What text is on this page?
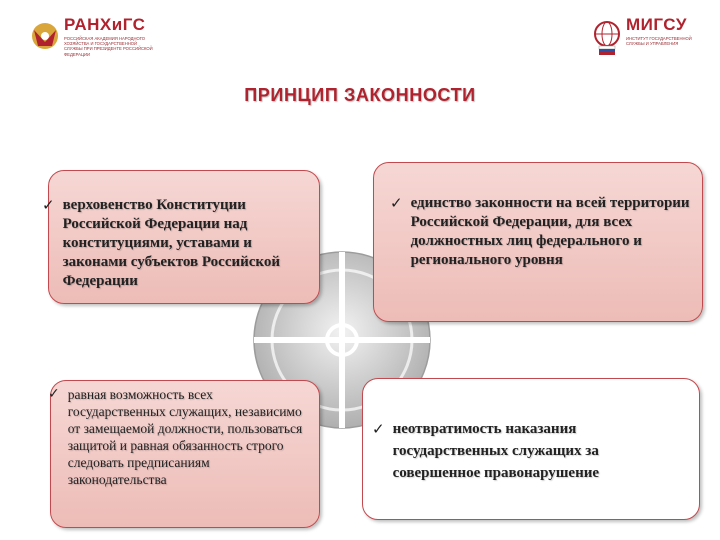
РАНХиГС
РОССИЙСКАЯ АКАДЕМИЯ НАРОДНОГО ХОЗЯЙСТВА И ГОСУДАРСТВЕННОЙ СЛУЖБЫ ПРИ ПРЕЗИДЕНТЕ РОССИЙСКОЙ ФЕДЕРАЦИИ
МИГСУ
ИНСТИТУТ ГОСУДАРСТВЕННОЙ СЛУЖБЫ И УПРАВЛЕНИЯ
ПРИНЦИП ЗАКОННОСТИ
✓ верховенство Конституции Российской Федерации над конституциями, уставами и законами субъектов Российской Федерации
✓ единство законности на всей территории Российской Федерации, для всех должностных лиц федерального и регионального уровня
✓ равная возможность всех государственных служащих, независимо от замещаемой должности, пользоваться защитой и равная обязанность строго следовать предписаниям законодательства
✓ неотвратимость наказания государственных служащих за совершенное правонарушение
